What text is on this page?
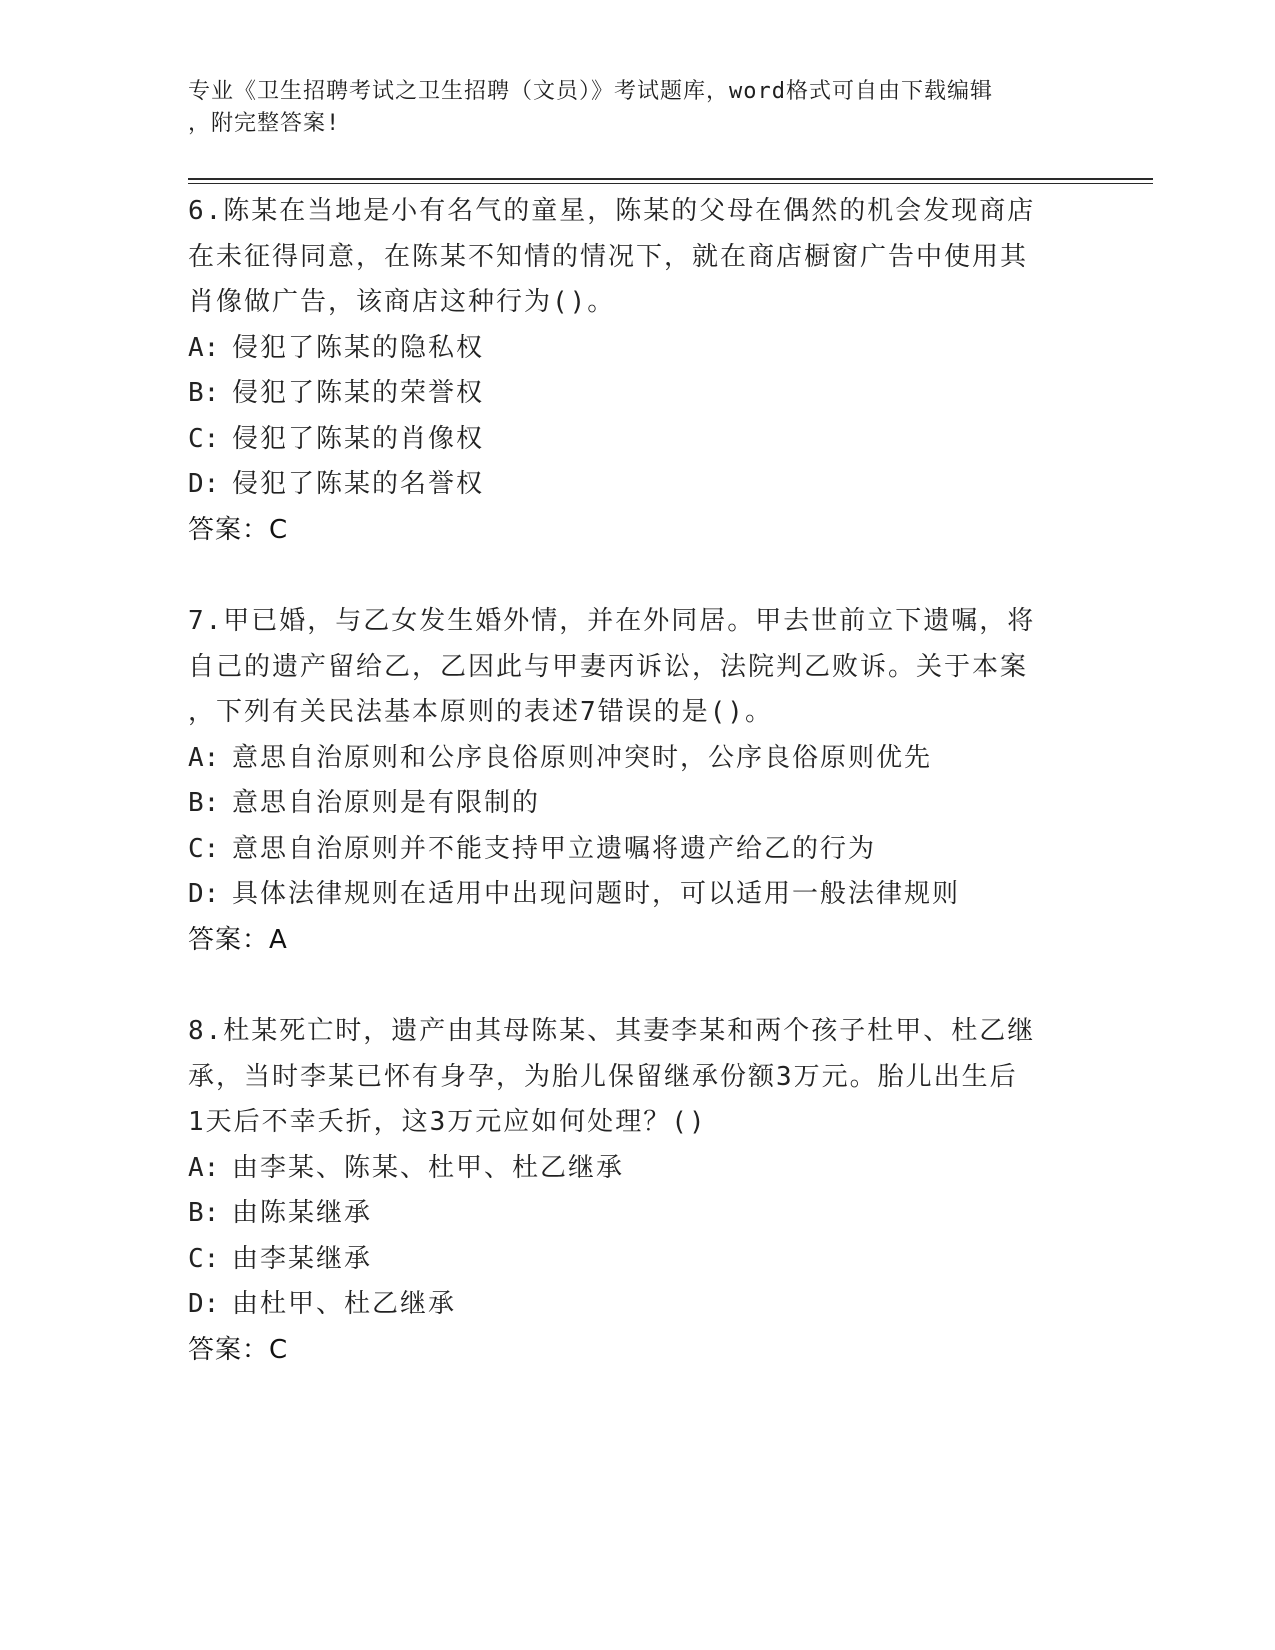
专业《卫生招聘考试之卫生招聘（文员）》考试题库，word格式可自由下载编辑
，附完整答案!

6.陈某在当地是小有名气的童星，陈某的父母在偶然的机会发现商店

在未征得同意，在陈某不知情的情况下，就在商店橱窗广告中使用其

肖像做广告，该商店这种行为()。

A: 侵犯了陈某的隐私权

B: 侵犯了陈某的荣誉权

C: 侵犯了陈某的肖像权

D: 侵犯了陈某的名誉权

答案：C

7.甲已婚，与乙女发生婚外情，并在外同居。甲去世前立下遗嘱，将

自己的遗产留给乙，乙因此与甲妻丙诉讼，法院判乙败诉。关于本案

，下列有关民法基本原则的表述7错误的是()。

A: 意思自治原则和公序良俗原则冲突时，公序良俗原则优先

B: 意思自治原则是有限制的

C: 意思自治原则并不能支持甲立遗嘱将遗产给乙的行为

D: 具体法律规则在适用中出现问题时，可以适用一般法律规则

答案：A

8.杜某死亡时，遗产由其母陈某、其妻李某和两个孩子杜甲、杜乙继

承，当时李某已怀有身孕，为胎儿保留继承份额3万元。胎儿出生后

1天后不幸夭折，这3万元应如何处理？()

A: 由李某、陈某、杜甲、杜乙继承

B: 由陈某继承

C: 由李某继承

D: 由杜甲、杜乙继承

答案：C
